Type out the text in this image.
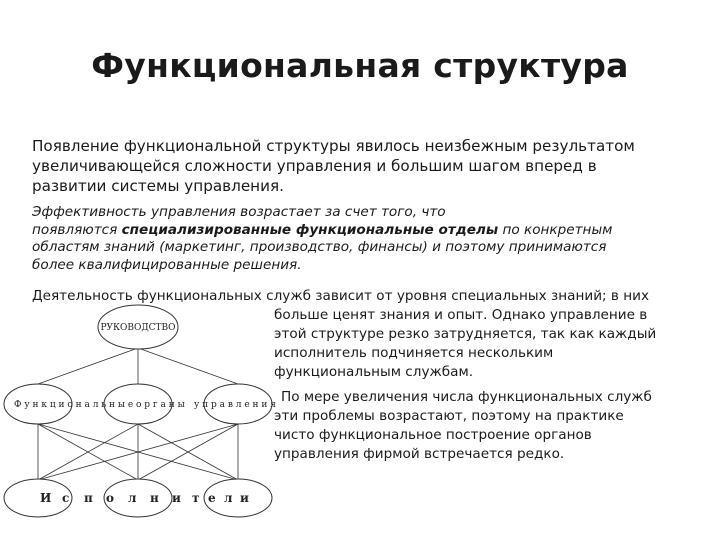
Функциональная структура
Появление функциональной структуры явилось неизбежным результатом
увеличивающейся сложности управления и большим шагом вперед в
развитии системы управления.
Эффективность управления возрастает за счет того, что
появляются специализированные функциональные отделы по конкретным
областям знаний (маркетинг, производство, финансы) и поэтому принимаются
более квалифицированные решения.
Деятельность функциональных служб зависит от уровня специальных знаний; в них
больше ценят знания и опыт. Однако управление в
этой структуре резко затрудняется, так как каждый
исполнитель подчиняется нескольким
функциональным службам.
По мере увеличения числа функциональных служб
эти проблемы возрастают, поэтому на практике
чисто функциональное построение органов
управления фирмой встречается редко.
РУКОВОДСТВО
Ф у н к ц и о н а л ь н ы е о р г а н ы у п р а в л е н и я
И с п о л н и т е л и
